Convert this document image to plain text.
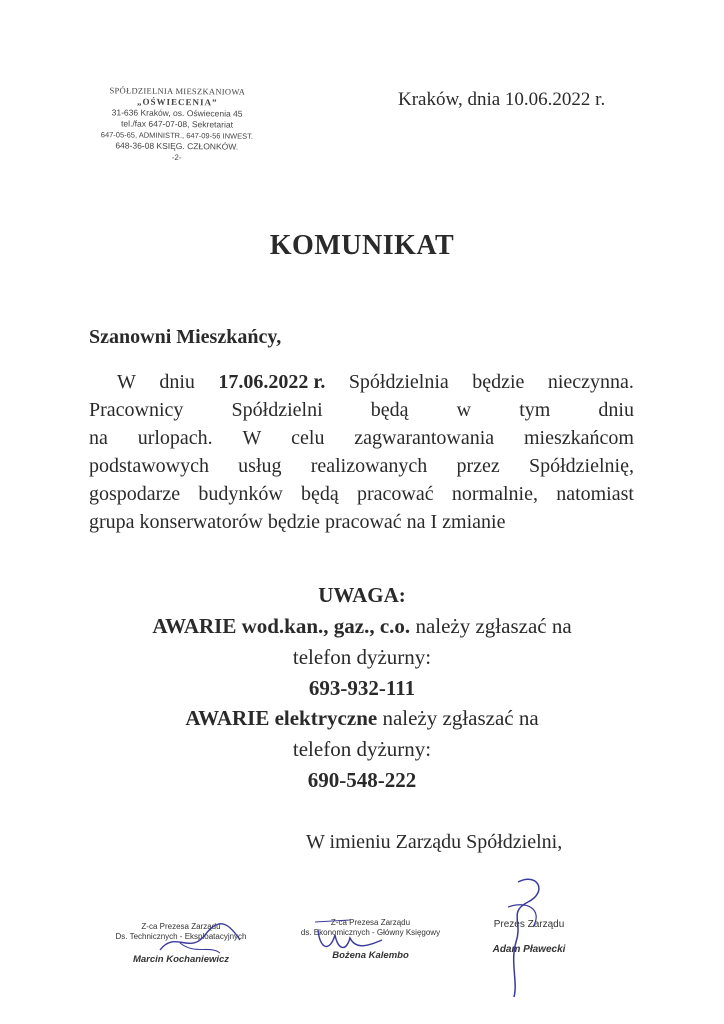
SPÓŁDZIELNIA MIESZKANIOWA
„OŚWIECENIA”
31-636 Kraków, os. Oświecenia 45
tel./fax 647-07-08, Sekretariat
647-05-65, ADMINISTR., 647-09-56 INWEST.
648-36-08 KSIĘG. CZŁONKÓW.
-2-
Kraków, dnia 10.06.2022 r.
KOMUNIKAT
Szanowni Mieszkańcy,
W dniu 17.06.2022 r. Spółdzielnia będzie nieczynna.
Pracownicy Spółdzielni będą w tym dniu
na urlopach. W celu zagwarantowania mieszkańcom
podstawowych usług realizowanych przez Spółdzielnię,
gospodarze budynków będą pracować normalnie, natomiast
grupa konserwatorów będzie pracować na I zmianie
UWAGA:
AWARIE wod.kan., gaz., c.o. należy zgłaszać na
telefon dyżurny:
693-932-111
AWARIE elektryczne należy zgłaszać na
telefon dyżurny:
690-548-222
W imieniu Zarządu Spółdzielni,
Z-ca Prezesa Zarządu
Ds. Technicznych - Eksploatacyjnych
Marcin Kochaniewicz
Z-ca Prezesa Zarządu
ds. Ekonomicznych - Główny Księgowy
Bożena Kalembo
Prezes Zarządu
Adam Pławecki
